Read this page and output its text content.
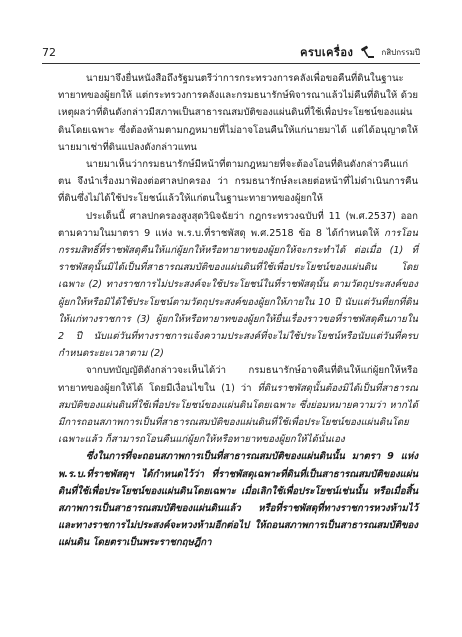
72	ครบเครื่อง	กสิปกรรมปี

นายมาจึงยื่นหนังสือถึงรัฐมนตรีว่าการกระทรวงการคลังเพื่อขอคืนที่ดินในฐานะทายาทของผู้ยกให้ แต่กระทรวงการคลังและกรมธนารักษ์พิจารณาแล้วไม่คืนที่ดินให้ ด้วยเหตุผลว่าที่ดินดังกล่าวมีสภาพเป็นสาธารณสมบัติของแผ่นดินที่ใช้เพื่อประโยชน์ของแผ่นดินโดยเฉพาะ ซึ่งต้องห้ามตามกฎหมายที่ไม่อาจโอนคืนให้แก่นายมาได้ แต่ได้อนุญาตให้นายมาเช่าที่ดินแปลงดังกล่าวแทน

นายมาเห็นว่ากรมธนารักษ์มีหน้าที่ตามกฎหมายที่จะต้องโอนที่ดินดังกล่าวคืนแก่ตน จึงนำเรื่องมาฟ้องต่อศาลปกครอง ว่า กรมธนารักษ์ละเลยต่อหน้าที่ไม่ดำเนินการคืนที่ดินซึ่งไม่ได้ใช้ประโยชน์แล้วให้แก่ตนในฐานะทายาทของผู้ยกให้

ประเด็นนี้ ศาลปกครองสูงสุดวินิจฉัยว่า กฎกระทรวงฉบับที่ 11 (พ.ศ.2537) ออกตามความในมาตรา 9 แห่ง พ.ร.บ.ที่ราชพัสดุ พ.ศ.2518 ข้อ 8 ได้กำหนดให้ การโอนกรรมสิทธิ์ที่ราชพัสดุคืนให้แก่ผู้ยกให้หรือทายาทของผู้ยกให้จะกระทำได้ ต่อเมื่อ (1) ที่ราชพัสดุนั้นมิได้เป็นที่สาธารณสมบัติของแผ่นดินที่ใช้เพื่อประโยชน์ของแผ่นดิน โดยเฉพาะ (2) ทางราชการไม่ประสงค์จะใช้ประโยชน์ในที่ราชพัสดุนั้น ตามวัตถุประสงค์ของผู้ยกให้หรือมิได้ใช้ประโยชน์ตามวัตถุประสงค์ของผู้ยกให้ภายใน 10 ปี นับแต่วันที่ยกที่ดินให้แก่ทางราชการ (3) ผู้ยกให้หรือทายาทของผู้ยกให้ยื่นเรื่องราวขอที่ราชพัสดุคืนภายใน 2 ปี นับแต่วันที่ทางราชการแจ้งความประสงค์ที่จะไม่ใช้ประโยชน์หรือนับแต่วันที่ครบกำหนดระยะเวลาตาม (2)

จากบทบัญญัติดังกล่าวจะเห็นได้ว่า กรมธนารักษ์อาจคืนที่ดินให้แก่ผู้ยกให้หรือทายาทของผู้ยกให้ได้ โดยมีเงื่อนไขใน (1) ว่า ที่ดินราชพัสดุนั้นต้องมิได้เป็นที่สาธารณสมบัติของแผ่นดินที่ใช้เพื่อประโยชน์ของแผ่นดินโดยเฉพาะ ซึ่งย่อมหมายความว่า หากได้มีการถอนสภาพการเป็นที่สาธารณสมบัติของแผ่นดินที่ใช้เพื่อประโยชน์ของแผ่นดินโดยเฉพาะแล้ว ก็สามารถโอนคืนแก่ผู้ยกให้หรือทายาทของผู้ยกให้ได้นั่นเอง

ซึ่งในการที่จะถอนสภาพการเป็นที่สาธารณสมบัติของแผ่นดินนั้น มาตรา 9 แห่ง พ.ร.บ.ที่ราชพัสดุฯ ได้กำหนดไว้ว่า ที่ราชพัสดุเฉพาะที่ดินที่เป็นสาธารณสมบัติของแผ่นดินที่ใช้เพื่อประโยชน์ของแผ่นดินโดยเฉพาะ เมื่อเลิกใช้เพื่อประโยชน์เช่นนั้น หรือเมื่อสิ้นสภาพการเป็นสาธารณสมบัติของแผ่นดินแล้ว หรือที่ราชพัสดุที่ทางราชการหวงห้ามไว้และทางราชการไม่ประสงค์จะหวงห้ามอีกต่อไป ให้ถอนสภาพการเป็นสาธารณสมบัติของแผ่นดิน โดยตราเป็นพระราชกฤษฎีกา
